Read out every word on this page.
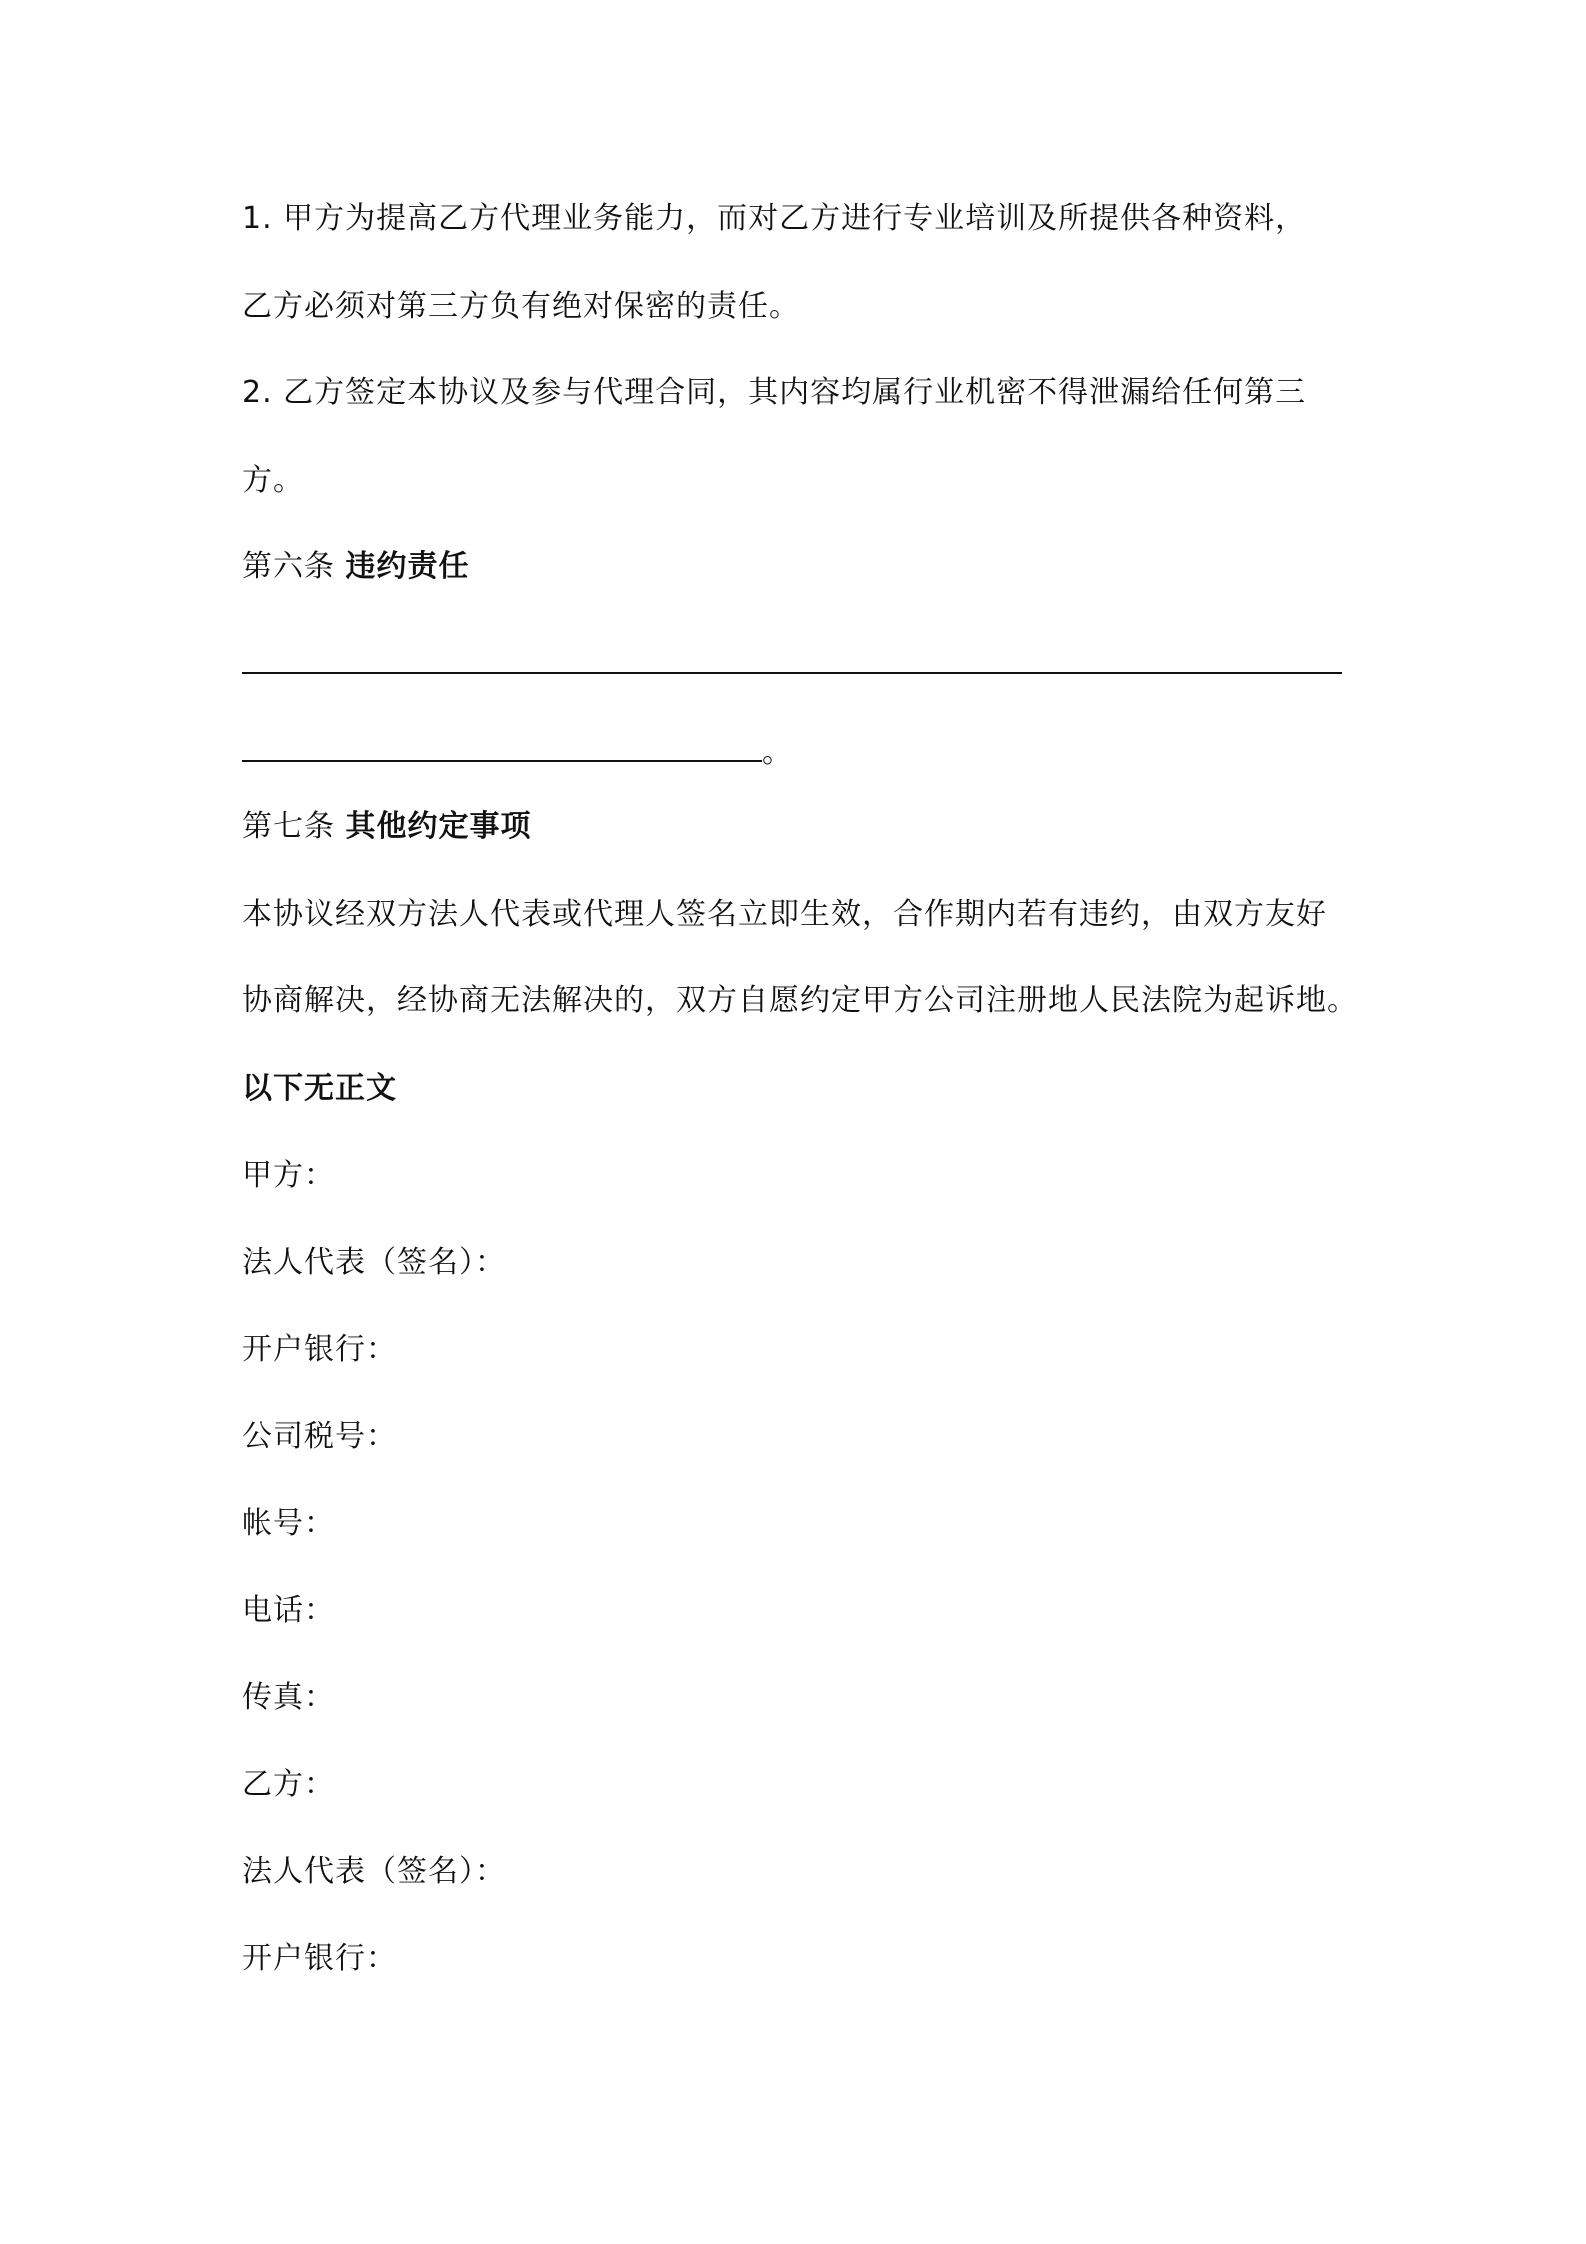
1. 甲方为提高乙方代理业务能力，而对乙方进行专业培训及所提供各种资料，
乙方必须对第三方负有绝对保密的责任。
2. 乙方签定本协议及参与代理合同，其内容均属行业机密不得泄漏给任何第三
方。
第六条 违约责任
。
第七条 其他约定事项
本协议经双方法人代表或代理人签名立即生效，合作期内若有违约，由双方友好
协商解决，经协商无法解决的，双方自愿约定甲方公司注册地人民法院为起诉地。
以下无正文
甲方：
法人代表（签名）：
开户银行：
公司税号：
帐号：
电话：
传真：
乙方：
法人代表（签名）：
开户银行：
